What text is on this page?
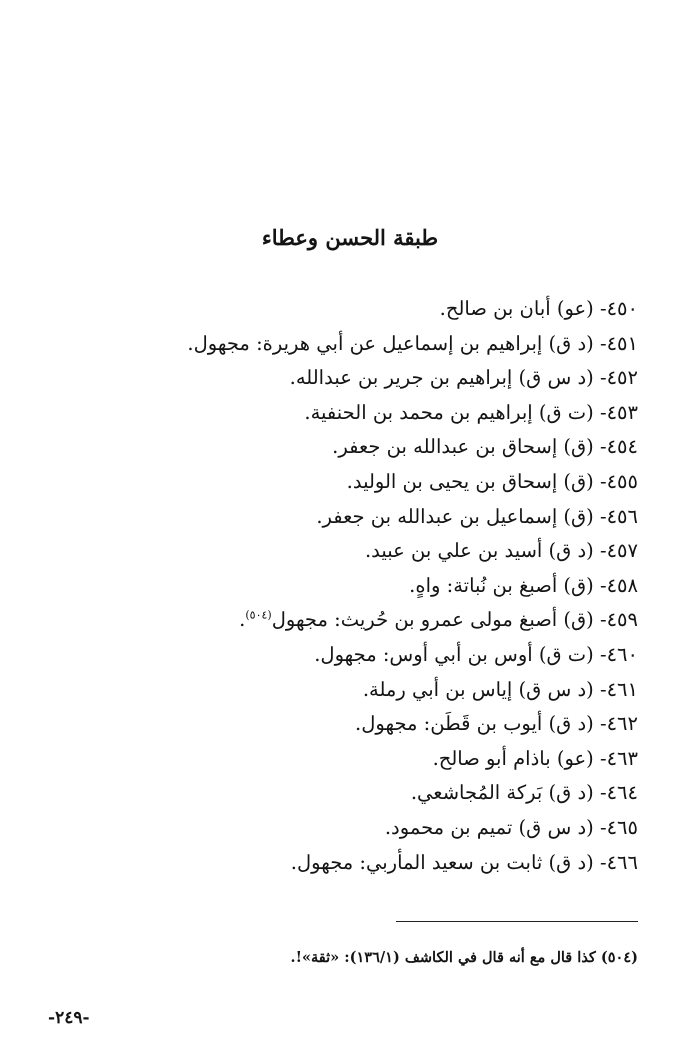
طبقة الحسن وعطاء
٤٥٠- (عو) أبان بن صالح.
٤٥١- (د ق) إبراهيم بن إسماعيل عن أبي هريرة: مجهول.
٤٥٢- (د س ق) إبراهيم بن جرير بن عبدالله.
٤٥٣- (ت ق) إبراهيم بن محمد بن الحنفية.
٤٥٤- (ق) إسحاق بن عبدالله بن جعفر.
٤٥٥- (ق) إسحاق بن يحيى بن الوليد.
٤٥٦- (ق) إسماعيل بن عبدالله بن جعفر.
٤٥٧- (د ق) أسيد بن علي بن عبيد.
٤٥٨- (ق) أصبغ بن نُباتة: واهٍ.
٤٥٩- (ق) أصبغ مولى عمرو بن حُريث: مجهول$^{(٥٠٤)}$.
٤٦٠- (ت ق) أوس بن أبي أوس: مجهول.
٤٦١- (د س ق) إياس بن أبي رملة.
٤٦٢- (د ق) أيوب بن قَطَن: مجهول.
٤٦٣- (عو) باذام أبو صالح.
٤٦٤- (د ق) بَركة المُجاشعي.
٤٦٥- (د س ق) تميم بن محمود.
٤٦٦- (د ق) ثابت بن سعيد المأربي: مجهول.
(٥٠٤) كذا قال مع أنه قال في الكاشف (١٣٦/١): «ثقة»!.
-٢٤٩-
